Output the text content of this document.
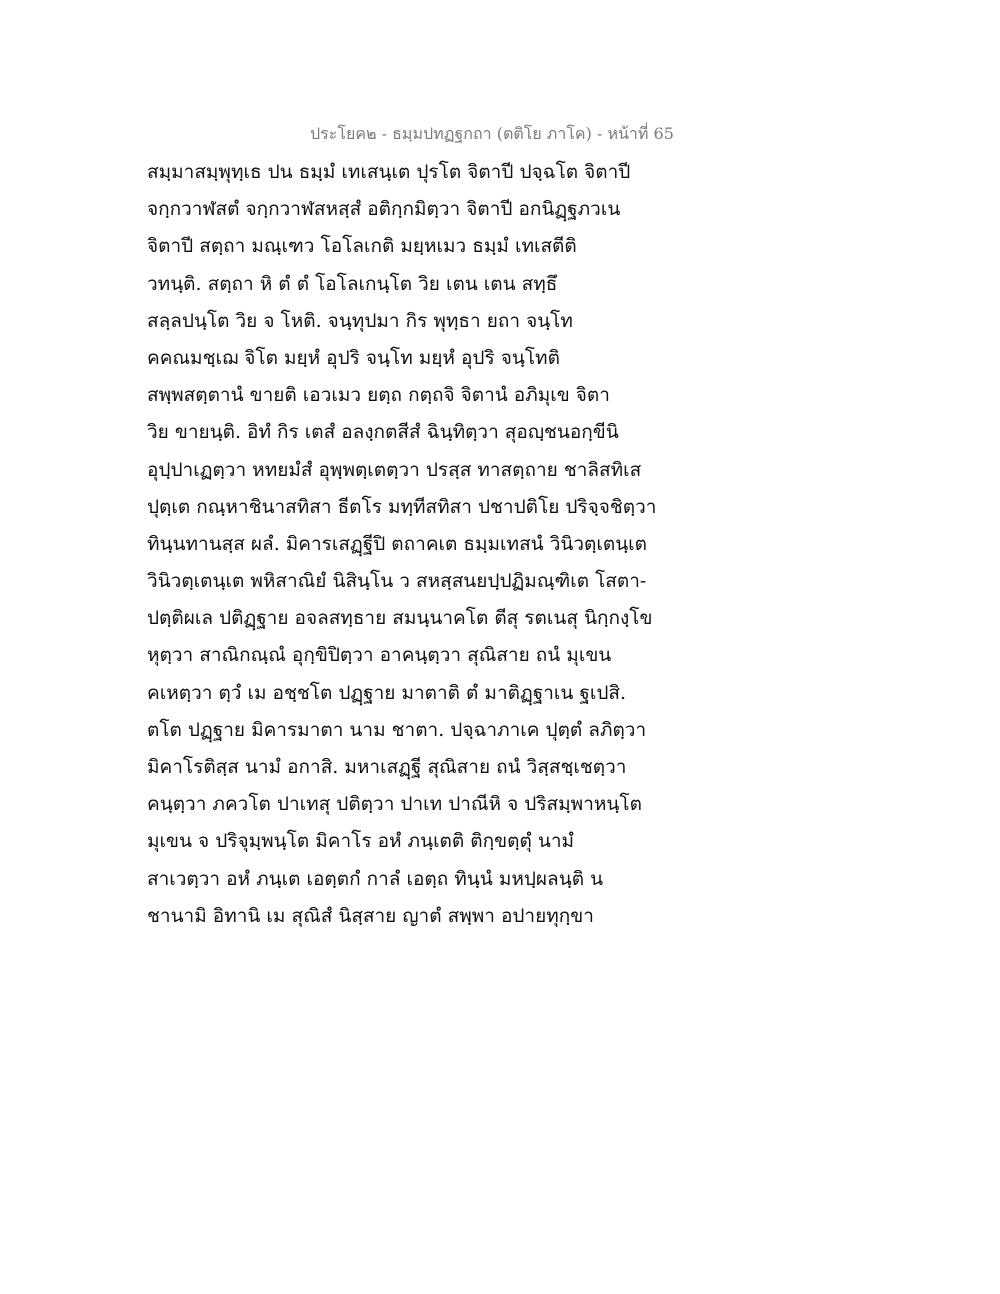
ประโยค๒ - ธมฺมปทฏฐกถา (ตติโย ภาโค) - หน้าที่ 65
สมฺมาสมฺพุทฺเธ ปน ธมฺมํ เทเสนฺเต ปุรโต จิตาปี ปจฺฉโต จิตาปี
จกฺกวาฬสตํ จกฺกวาฬสหสฺสํ อติกฺกมิตฺวา จิตาปี อกนิฏฺฐภวเน
จิตาปี สตฺถา มณฺเฑว โอโลเกติ มยฺหเมว ธมฺมํ เทเสตีติ
วทนฺติ. สตฺถา หิ ตํ ตํ โอโลเกนฺโต วิย เตน เตน สทฺธึ
สลฺลปนฺโต วิย จ โหติ. จนฺทุปมา กิร พุทฺธา ยถา จนฺโท
คคณมชฺเฌ จิโต มยฺหํ อุปริ จนฺโท มยฺหํ อุปริ จนฺโทติ
สพฺพสตฺตานํ ขายติ เอวเมว ยตฺถ กตฺถจิ จิตานํ อภิมุเข จิตา
วิย ขายนฺติ. อิทํ กิร เตสํ อลงฺกตสีสํ ฉินฺทิตฺวา สุอญฺชนอกฺขีนิ
อุปฺปาเฏตฺวา หทยมํสํ อุพฺพตฺเตตฺวา ปรสฺส ทาสตฺถาย ชาลิสทิเส
ปุตฺเต กณฺหาชินาสทิสา ธีตโร มทฺทีสทิสา ปชาปติโย ปริจฺจชิตฺวา
ทินฺนทานสฺส ผลํ. มิคารเสฏฺฐีปิ ตถาคเต ธมฺมเทสนํ วินิวตฺเตนฺเต
วินิวตฺเตนฺเต พหิสาณิยํ นิสินฺโน ว สหสฺสนยปฺปฏิมณฺฑิเต โสตา-
ปตฺติผเล ปติฏฺฐาย อจลสทฺธาย สมนฺนาคโต ตีสุ รตเนสุ นิกฺกงฺโข
หุตฺวา สาณิกณฺณํ อุกฺขิปิตฺวา อาคนฺตฺวา สุณิสาย ถนํ มุเขน
คเหตฺวา ตฺวํ เม อชฺชโต ปฏฺฐาย มาตาติ ตํ มาติฏฺฐาเน ฐเปสิ.
ตโต ปฏฺฐาย มิคารมาตา นาม ชาตา. ปจฺฉาภาเค ปุตฺตํ ลภิตฺวา
มิคาโรติสฺส นามํ อกาสิ. มหาเสฏฺฐี สุณิสาย ถนํ วิสฺสชฺเชตฺวา
คนฺตฺวา ภควโต ปาเทสุ ปติตฺวา ปาเท ปาณีหิ จ ปริสมฺพาหนฺโต
มุเขน จ ปริจุมฺพนฺโต มิคาโร อหํ ภนฺเตติ ติกฺขตฺตุํ นามํ
สาเวตฺวา อหํ ภนฺเต เอตฺตกํ กาลํ เอตฺถ ทินฺนํ มหปฺผลนฺติ น
ชานามิ อิทานิ เม สุณิสํ นิสฺสาย ญาตํ สพฺพา อปายทุกฺขา
